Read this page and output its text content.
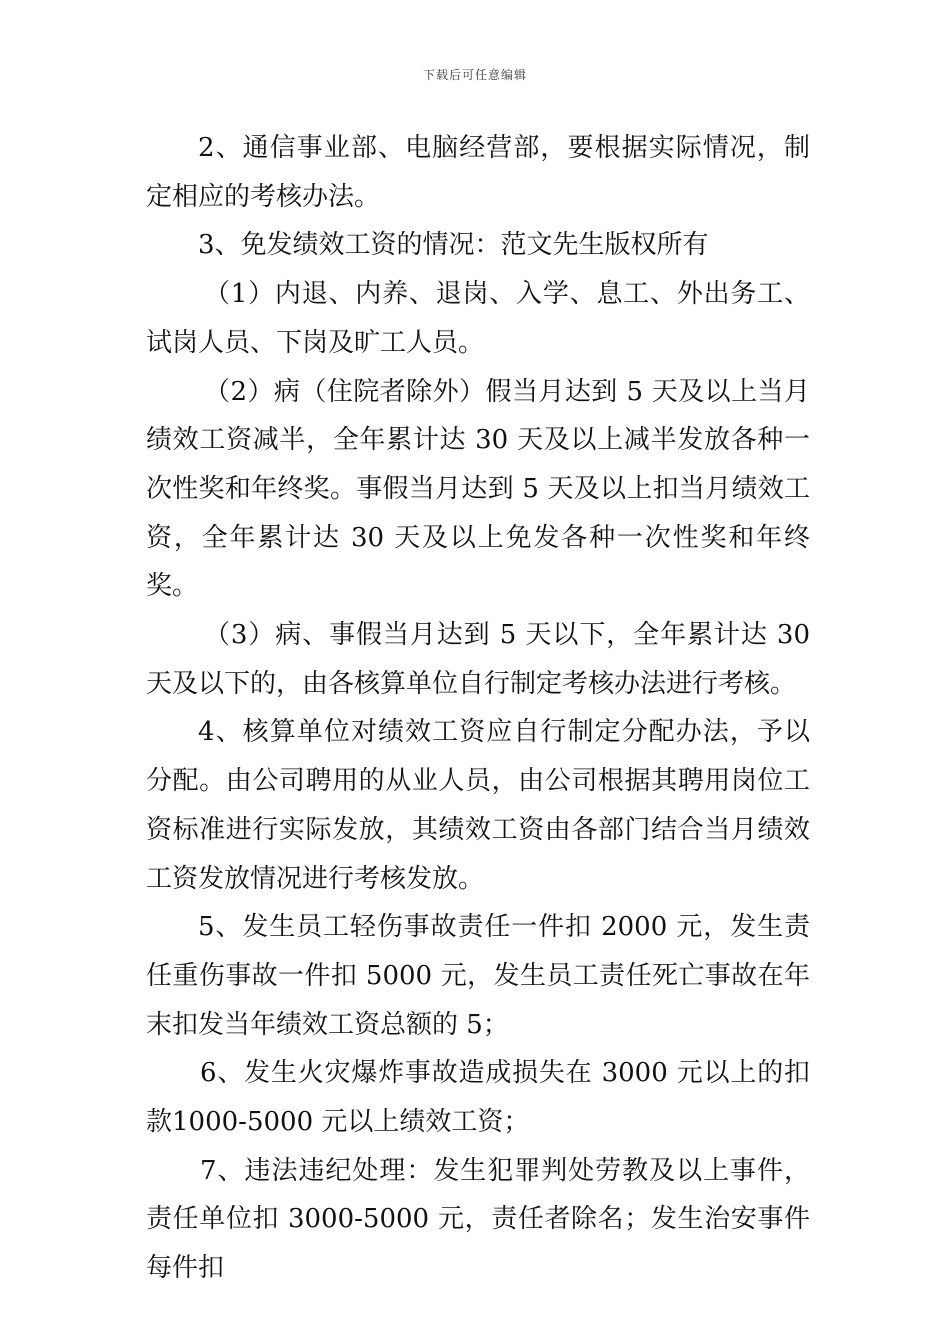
下载后可任意编辑

2、通信事业部、电脑经营部，要根据实际情况，制定相应的考核办法。

3、免发绩效工资的情况：范文先生版权所有

（1）内退、内养、退岗、入学、息工、外出务工、试岗人员、下岗及旷工人员。

（2）病（住院者除外）假当月达到 5 天及以上当月绩效工资减半，全年累计达 30 天及以上减半发放各种一次性奖和年终奖。事假当月达到 5 天及以上扣当月绩效工资，全年累计达 30 天及以上免发各种一次性奖和年终奖。

（3）病、事假当月达到 5 天以下，全年累计达 30 天及以下的，由各核算单位自行制定考核办法进行考核。

4、核算单位对绩效工资应自行制定分配办法，予以分配。由公司聘用的从业人员，由公司根据其聘用岗位工资标准进行实际发放，其绩效工资由各部门结合当月绩效工资发放情况进行考核发放。

5、发生员工轻伤事故责任一件扣 2000 元，发生责任重伤事故一件扣 5000 元，发生员工责任死亡事故在年末扣发当年绩效工资总额的 5；

6、发生火灾爆炸事故造成损失在 3000 元以上的扣款1000-5000 元以上绩效工资；

7、违法违纪处理：发生犯罪判处劳教及以上事件，责任单位扣 3000-5000 元，责任者除名；发生治安事件每件扣
